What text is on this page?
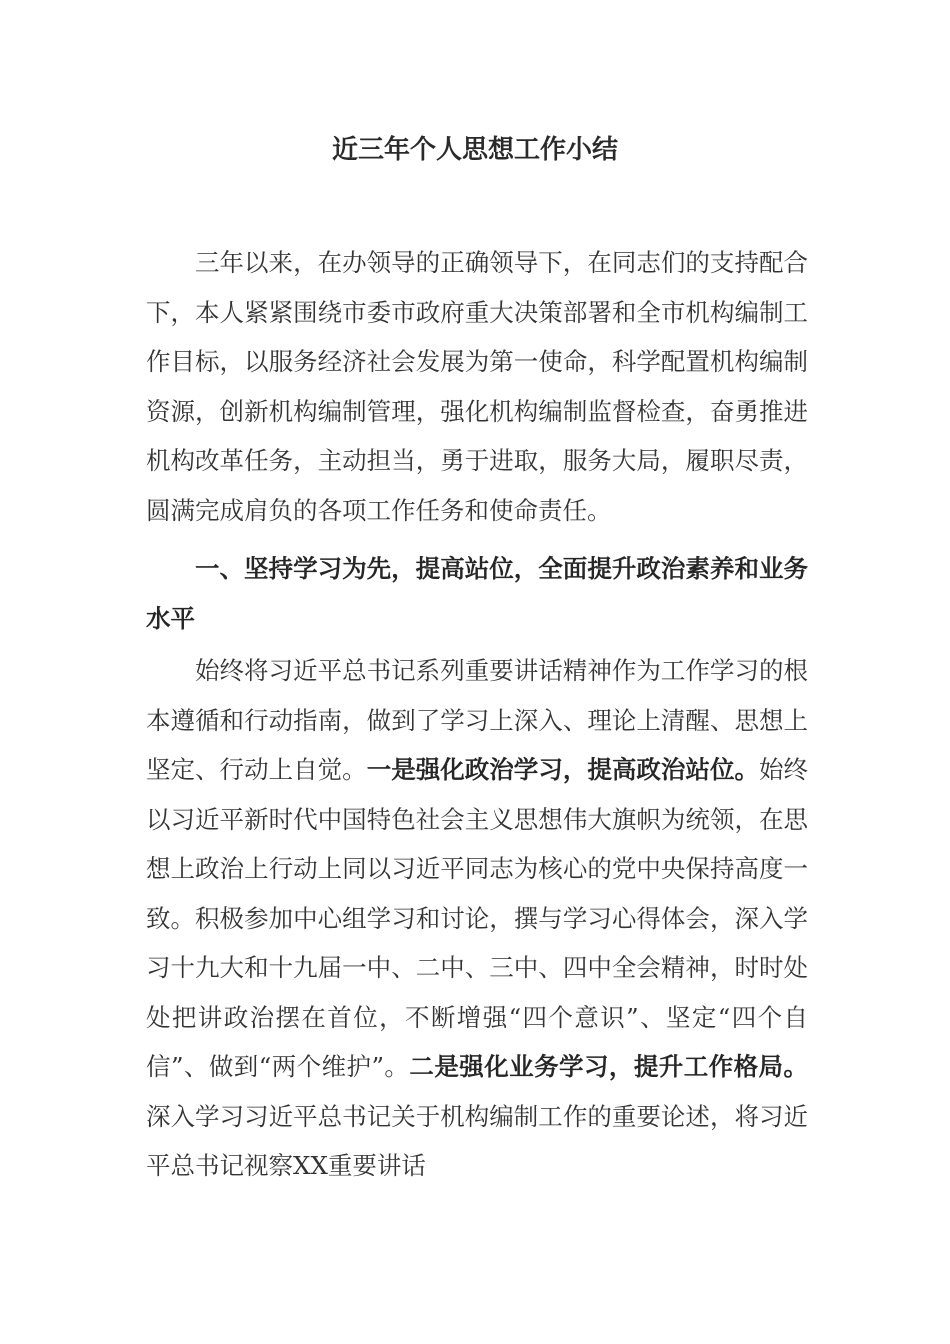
近三年个人思想工作小结

三年以来，在办领导的正确领导下，在同志们的支持配合下，本人紧紧围绕市委市政府重大决策部署和全市机构编制工作目标，以服务经济社会发展为第一使命，科学配置机构编制资源，创新机构编制管理，强化机构编制监督检查，奋勇推进机构改革任务，主动担当，勇于进取，服务大局，履职尽责，圆满完成肩负的各项工作任务和使命责任。

一、坚持学习为先，提高站位，全面提升政治素养和业务水平

始终将习近平总书记系列重要讲话精神作为工作学习的根本遵循和行动指南，做到了学习上深入、理论上清醒、思想上坚定、行动上自觉。一是强化政治学习，提高政治站位。始终以习近平新时代中国特色社会主义思想伟大旗帜为统领，在思想上政治上行动上同以习近平同志为核心的党中央保持高度一致。积极参加中心组学习和讨论，撰与学习心得体会，深入学习十九大和十九届一中、二中、三中、四中全会精神，时时处处把讲政治摆在首位，不断增强“四个意识”、坚定“四个自信”、做到“两个维护”。二是强化业务学习，提升工作格局。深入学习习近平总书记关于机构编制工作的重要论述，将习近平总书记视察XX重要讲话
